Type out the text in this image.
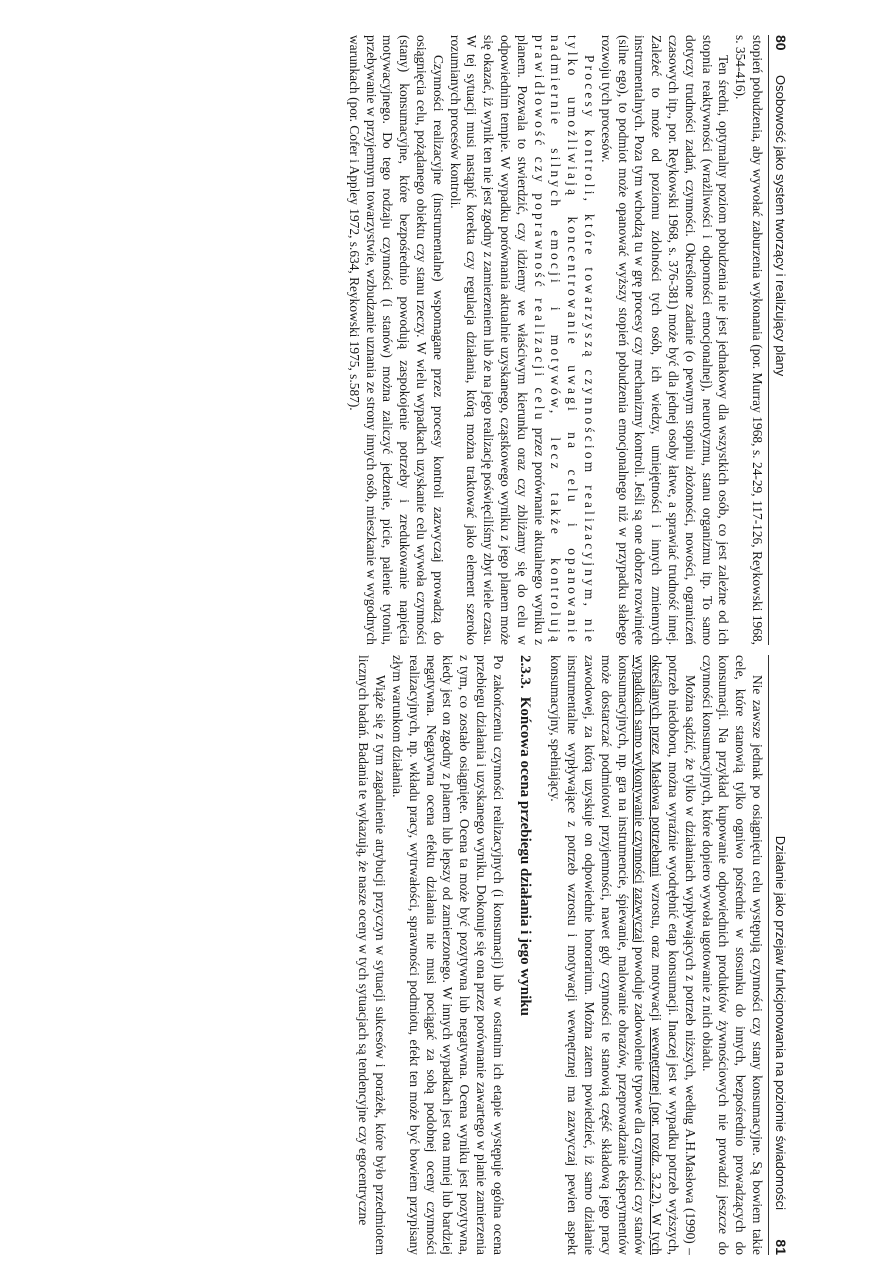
80
Osobowość jako system tworzący i realizujący plany

stopień pobudzenia, aby wywołać zaburzenia wykonania (por. Murray 1968, s. 24-29, 117-126, Reykowski 1968, s. 354-416).

Ten średni, optymalny poziom pobudzenia nie jest jednakowy dla wszystkich osób, co jest zależne od ich stopnia reaktywności (wrażliwości i odporności emocjonalnej), neurotyzmu, stanu organizmu itp. To samo dotyczy trudności zadań, czynności. Określone zadanie (o pewnym stopniu złożoności, nowości, ograniczeń czasowych itp., por. Reykowski 1968, s. 376-381) może być dla jednej osoby łatwe, a sprawiać trudność innej. Zależeć to może od poziomu zdolności tych osób, ich wiedzy, umiejętności i innych zmiennych instrumentalnych. Poza tym wchodzą tu w grę procesy czy mechanizmy kontroli. Jeśli są one dobrze rozwinięte (silne ego), to podmiot może opanować wyższy stopień pobudzenia emocjonalnego niż w przypadku słabego rozwoju tych procesów.

Procesy kontroli, które towarzyszą czynnościom realizacyjnym, nie tylko umożliwiają koncentrowanie uwagi na celu i opanowanie nadmiernie silnych emocji i motywów, lecz także kontrolują prawidłowość czy poprawność realizacji celu przez porównanie aktualnego wyniku z planem. Pozwala to stwierdzić, czy idziemy we właściwym kierunku oraz czy zbliżamy się do celu w odpowiednim tempie. W wypadku porównania aktualnie uzyskanego, cząstkowego wyniku z jego planem może się okazać, iż wynik ten nie jest zgodny z zamierzeniem lub że na jego realizację poświęciliśmy zbyt wiele czasu. W tej sytuacji musi nastąpić korekta czy regulacja działania, którą można traktować jako element szeroko rozumianych procesów kontroli.

Czynności realizacyjne (instrumentalne) wspomagane przez procesy kontroli zazwyczaj prowadzą do osiągnięcia celu, pożądanego obiektu czy stanu rzeczy. W wielu wypadkach uzyskanie celu wywoła czynności (stany) konsumacyjne, które bezpośrednio powodują zaspokojenie potrzeby i zredukowanie napięcia motywacyjnego. Do tego rodzaju czynności (i stanów) można zaliczyć jedzenie, picie, palenie tytoniu, przebywanie w przyjemnym towarzystwie, wzbudzanie uznania ze strony innych osób, mieszkanie w wygodnych warunkach (por. Cofer i Appley 1972, s.634, Reykowski 1975, s.587).

Działanie jako przejaw funkcjonowania na poziomie świadomości
81

Nie zawsze jednak po osiągnięciu celu występują czynności czy stany konsumacyjne. Są bowiem takie cele, które stanowią tylko ogniwo pośrednie w stosunku do innych, bezpośrednio prowadzących do konsumacji. Na przykład kupowanie odpowiednich produktów żywnościowych nie prowadzi jeszcze do czynności konsumacyjnych, które dopiero wywoła ugotowanie z nich obiadu.

Można sądzić, że tylko w działaniach wypływających z potrzeb niższych, według A.H.Masłowa (1990) – potrzeb niedoboru, można wyraźnie wyodrębnić etap konsumacji. Inaczej jest w wypadku potrzeb wyższych, określanych przez Masłowa potrzebami wzrostu, oraz motywacji wewnętrznej (por. rozdz. 3.2.2). W tych wypadkach samo wykonywanie czynności zazwyczaj powoduje zadowolenie typowe dla czynności czy stanów konsumacyjnych, np. gra na instrumencie, śpiewanie, malowanie obrazów, przeprowadzanie eksperymentów może dostarczać podmiotowi przyjemności, nawet gdy czynności te stanowią część składową jego pracy zawodowej, za którą uzyskuje on odpowiednie honorarium. Można zatem powiedzieć, iż samo działanie instrumentalne wypływające z potrzeb wzrostu i motywacji wewnętrznej ma zazwyczaj pewien aspekt konsumacyjny, spełniający.

2.3.3.Końcowa ocena przebiegu działania i jego wyniku

Po zakończeniu czynności realizacyjnych (i konsumacji) lub w ostatnim ich etapie występuje ogólna ocena przebiegu działania i uzyskanego wyniku. Dokonuje się ona przez porównanie zawartego w planie zamierzenia z tym, co zostało osiągnięte. Ocena ta może być pozytywna lub negatywna. Ocena wyniku jest pozytywna, kiedy jest on zgodny z planem lub lepszy od zamierzonego. W innych wypadkach jest ona mniej lub bardziej negatywna. Negatywna ocena efektu działania nie musi pociągać za sobą podobnej oceny czynności realizacyjnych, np. wkładu pracy, wytrwałości, sprawności podmiotu, efekt ten może być bowiem przypisany złym warunkom działania.

Wiąże się z tym zagadnienie atrybucji przyczyn w sytuacji sukcesów i porażek, które było przedmiotem licznych badań. Badania te wykazują, że nasze oceny w tych sytuacjach są tendencyjne czy egocentryczne
